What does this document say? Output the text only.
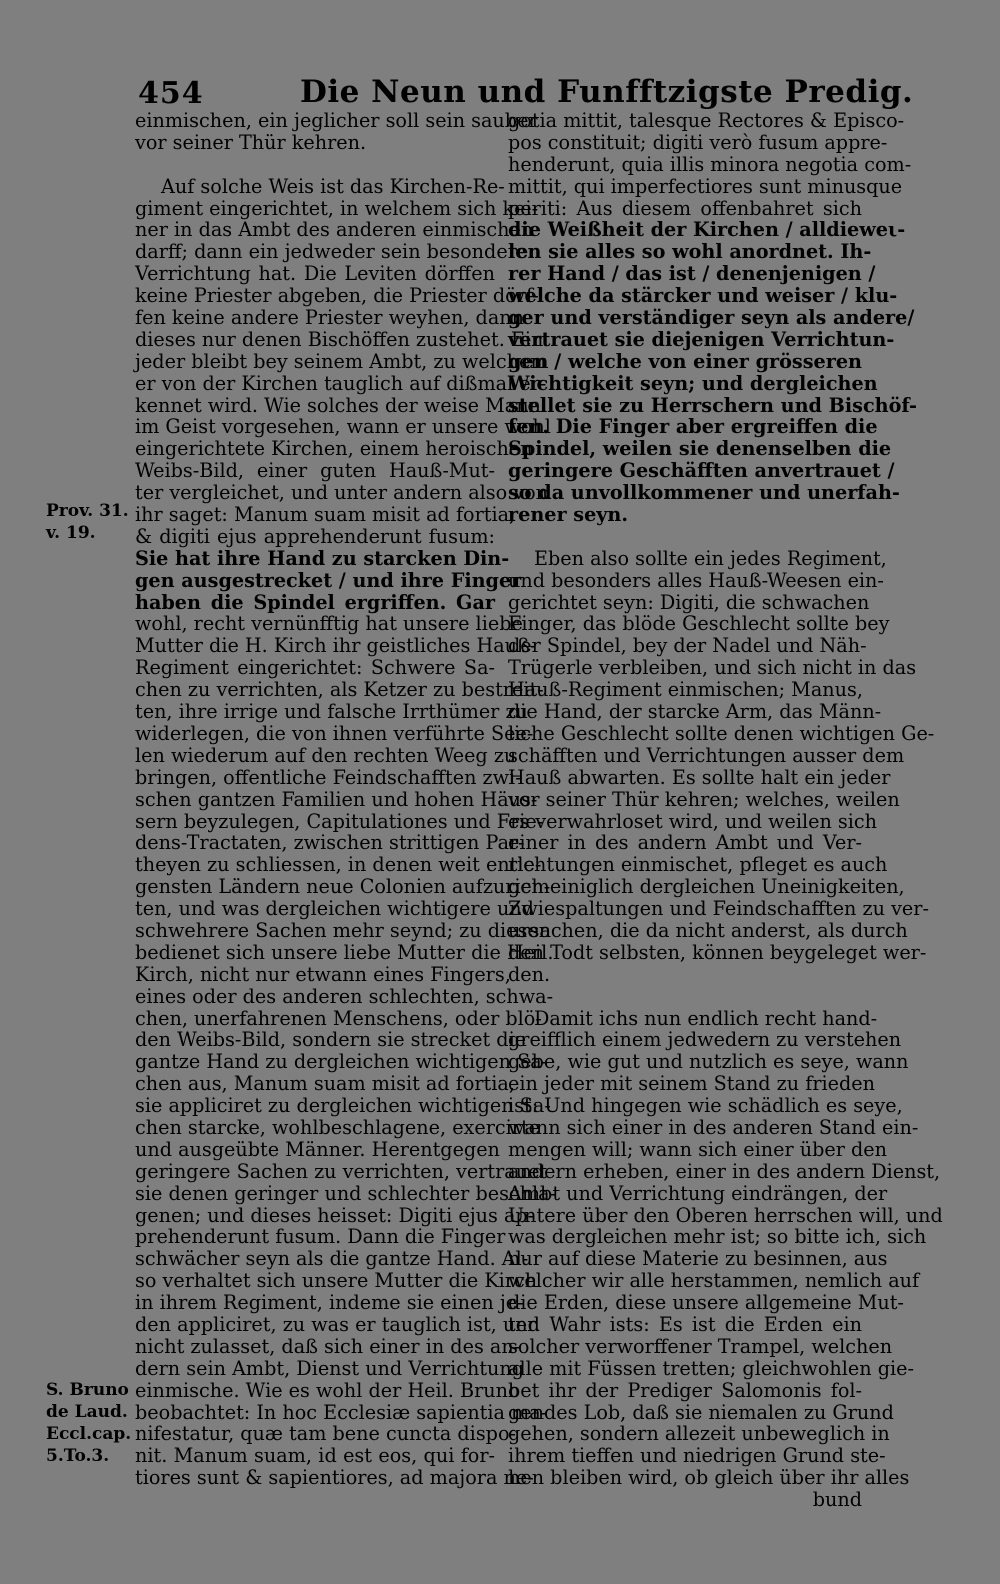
454	Die Neun und Funfftzigste Predig.
Prov. 31.
v. 19.
S. Bruno
de Laud.
Eccl.cap.
5.To.3.
einmischen, ein jeglicher soll sein sauber
vor seiner Thür kehren.
Auf solche Weis ist das Kirchen-Re-
giment eingerichtet, in welchem sich kei-
ner in das Ambt des anderen einmischen
darff; dann ein jedweder sein besondere
Verrichtung hat. Die Leviten dörffen
keine Priester abgeben, die Priester dörf-
fen keine andere Priester weyhen, dann
dieses nur denen Bischöffen zustehet. Ein
jeder bleibt bey seinem Ambt, zu welchem
er von der Kirchen tauglich auf dißmal er-
kennet wird. Wie solches der weise Mann
im Geist vorgesehen, wann er unsere wohl
eingerichtete Kirchen, einem heroischen
Weibs-Bild, einer guten Hauß-Mut-
ter vergleichet, und unter andern also von
ihr saget: Manum suam misit ad fortia,
& digiti ejus apprehenderunt fusum:
Sie hat ihre Hand zu starcken Din-
gen ausgestrecket / und ihre Finger
haben die Spindel ergriffen. Gar
wohl, recht vernünfftig hat unsere liebe
Mutter die H. Kirch ihr geistliches Hauß-
Regiment eingerichtet: Schwere Sa-
chen zu verrichten, als Ketzer zu bestreit-
ten, ihre irrige und falsche Irrthümer zu
widerlegen, die von ihnen verführte See-
len wiederum auf den rechten Weeg zu
bringen, offentliche Feindschafften zwi-
schen gantzen Familien und hohen Häus-
sern beyzulegen, Capitulationes und Frie-
dens-Tractaten, zwischen strittigen Par-
theyen zu schliessen, in denen weit entle-
gensten Ländern neue Colonien aufzurich-
ten, und was dergleichen wichtigere und
schwehrere Sachen mehr seynd; zu diesen
bedienet sich unsere liebe Mutter die Heil.
Kirch, nicht nur etwann eines Fingers,
eines oder des anderen schlechten, schwa-
chen, unerfahrenen Menschens, oder blö-
den Weibs-Bild, sondern sie strecket die
gantze Hand zu dergleichen wichtigen Sa-
chen aus, Manum suam misit ad fortia,
sie appliciret zu dergleichen wichtigen Sa-
chen starcke, wohlbeschlagene, exercirte
und ausgeübte Männer. Herentgegen
geringere Sachen zu verrichten, vertrauet
sie denen geringer und schlechter beschla-
genen; und dieses heisset: Digiti ejus ap-
prehenderunt fusum. Dann die Finger
schwächer seyn als die gantze Hand. Al-
so verhaltet sich unsere Mutter die Kirch
in ihrem Regiment, indeme sie einen je-
den appliciret, zu was er tauglich ist, und
nicht zulasset, daß sich einer in des an-
dern sein Ambt, Dienst und Verrichtung
einmische. Wie es wohl der Heil. Bruno
beobachtet: In hoc Ecclesiæ sapientia ma-
nifestatur, quæ tam bene cuncta dispo-
nit. Manum suam, id est eos, qui for-
tiores sunt & sapientiores, ad majora ne-
gotia mittit, talesque Rectores & Episco-
pos constituit; digiti verò fusum appre-
henderunt, quia illis minora negotia com-
mittit, qui imperfectiores sunt minusque
periti: Aus diesem offenbahret sich
die Weißheit der Kirchen / alldieweι-
len sie alles so wohl anordnet. Ih-
rer Hand / das ist / denenjenigen /
welche da stärcker und weiser / klu-
ger und verständiger seyn als andere/
vertrauet sie diejenigen Verrichtun-
gen / welche von einer grösseren
Wichtigkeit seyn; und dergleichen
stellet sie zu Herrschern und Bischöf-
fen. Die Finger aber ergreiffen die
Spindel, weilen sie denenselben die
geringere Geschäfften anvertrauet /
so da unvollkommener und unerfah-
rener seyn.
Eben also sollte ein jedes Regiment,
und besonders alles Hauß-Weesen ein-
gerichtet seyn: Digiti, die schwachen
Finger, das blöde Geschlecht sollte bey
der Spindel, bey der Nadel und Näh-
Trügerle verbleiben, und sich nicht in das
Hauß-Regiment einmischen; Manus,
die Hand, der starcke Arm, das Männ-
liche Geschlecht sollte denen wichtigen Ge-
schäfften und Verrichtungen ausser dem
Hauß abwarten. Es sollte halt ein jeder
vor seiner Thür kehren; welches, weilen
es verwahrloset wird, und weilen sich
einer in des andern Ambt und Ver-
richtungen einmischet, pfleget es auch
gemeiniglich dergleichen Uneinigkeiten,
Zwiespaltungen und Feindschafften zu ver-
ursachen, die da nicht anderst, als durch
den Todt selbsten, können beygeleget wer-
den.
Damit ichs nun endlich recht hand-
greifflich einem jedwedern zu verstehen
gebe, wie gut und nutzlich es seye, wann
ein jeder mit seinem Stand zu frieden
ist: Und hingegen wie schädlich es seye,
wann sich einer in des anderen Stand ein-
mengen will; wann sich einer über den
andern erheben, einer in des andern Dienst,
Ambt und Verrichtung eindrängen, der
Untere über den Oberen herrschen will, und
was dergleichen mehr ist; so bitte ich, sich
nur auf diese Materie zu besinnen, aus
welcher wir alle herstammen, nemlich auf
die Erden, diese unsere allgemeine Mut-
ter. Wahr ists: Es ist die Erden ein
solcher verworffener Trampel, welchen
alle mit Füssen tretten; gleichwohlen gie-
bet ihr der Prediger Salomonis fol-
gendes Lob, daß sie niemalen zu Grund
gehen, sondern allezeit unbeweglich in
ihrem tieffen und niedrigen Grund ste-
hen bleiben wird, ob gleich über ihr alles
bund
